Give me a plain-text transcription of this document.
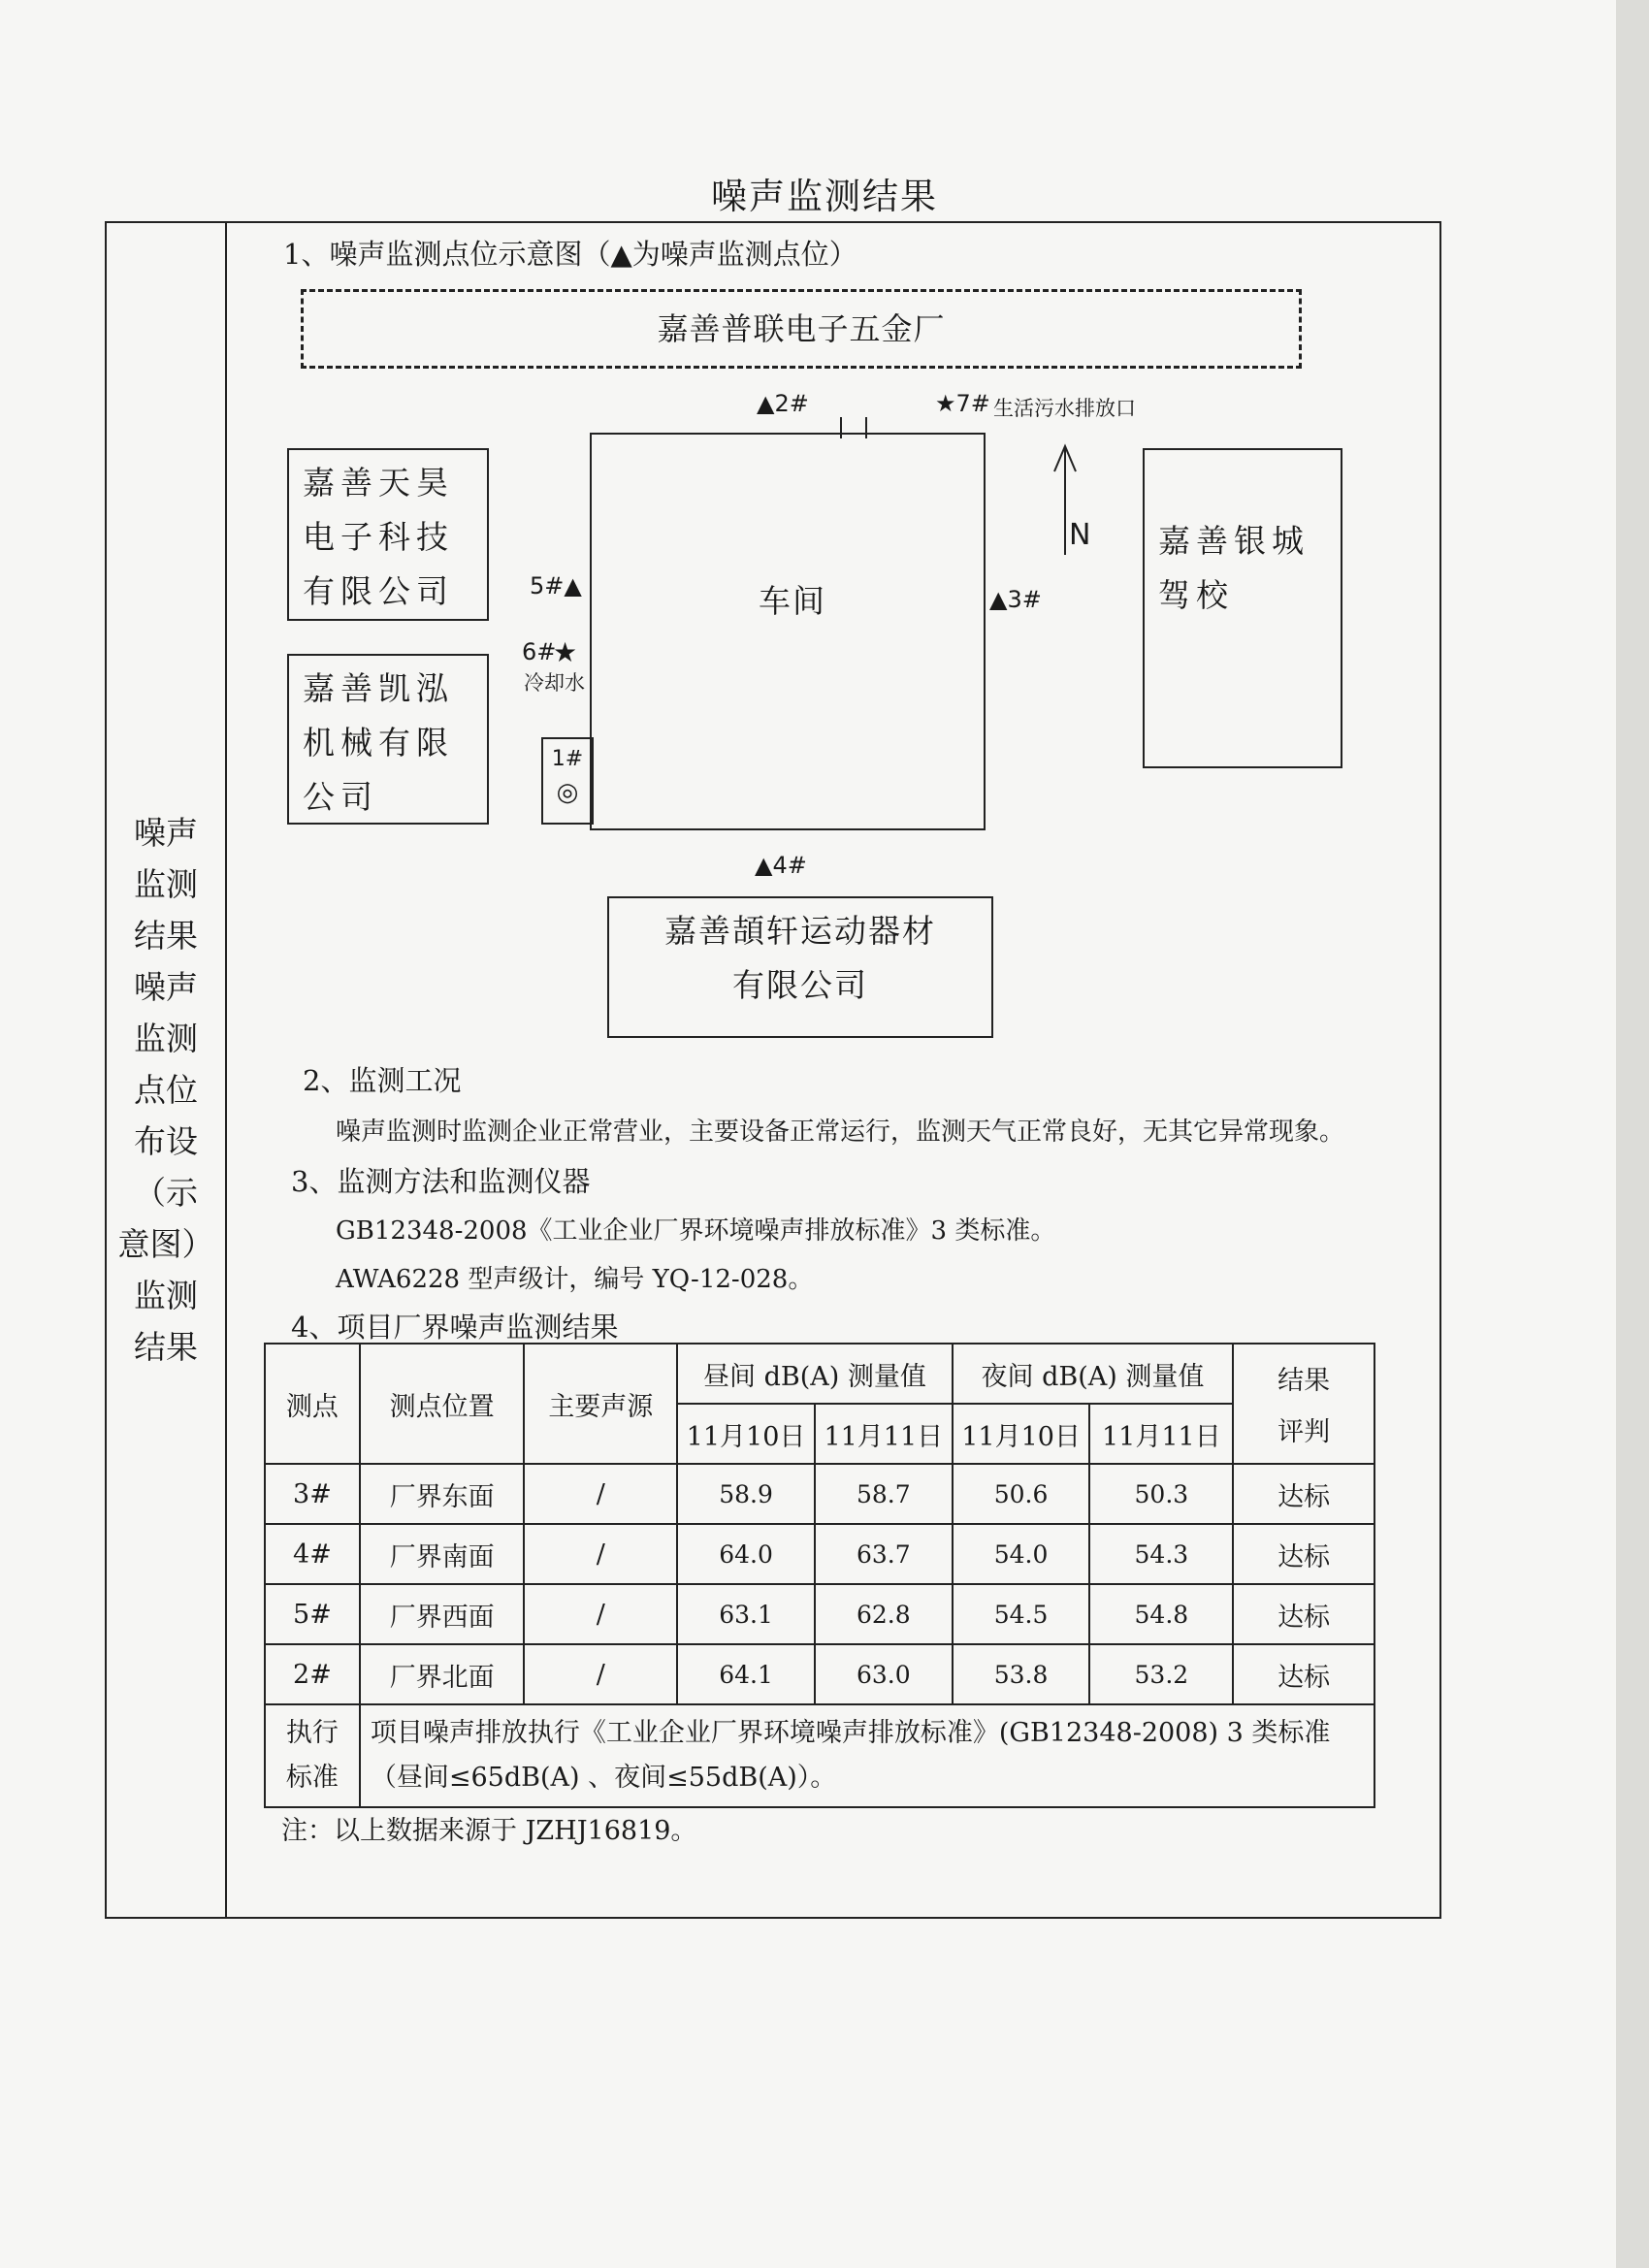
噪声监测结果
噪声
监测
结果
噪声
监测
点位
布设
（示
意图）
监测
结果
1、噪声监测点位示意图（▲为噪声监测点位）
嘉善普联电子五金厂
嘉善天昊
电子科技
有限公司
嘉善凯泓
机械有限
公司
车间
嘉善银城
驾校
嘉善頡轩运动器材
有限公司
1#
◎
N
▲2#	★7# 生活污水排放口
5#▲	▲3#
6#
★
冷却水
▲4#
2、监测工况
噪声监测时监测企业正常营业，主要设备正常运行，监测天气正常良好，无其它异常现象。
3、监测方法和监测仪器
GB12348-2008《工业企业厂界环境噪声排放标准》3 类标准。
AWA6228 型声级计，编号 YQ-12-028。
4、项目厂界噪声监测结果
测点	测点位置	主要声源	昼间 dB(A) 测量值		夜间 dB(A) 测量值		结果
评判

			11月10日	11月11日	11月10日	11月11日	
3#	厂界东面	/	58.9	58.7	50.6	50.3	达标
4#	厂界南面	/	64.0	63.7	54.0	54.3	达标
5#	厂界西面	/	63.1	62.8	54.5	54.8	达标
2#	厂界北面	/	64.1	63.0	53.8	53.2	达标

执行
标准	项目噪声排放执行《工业企业厂界环境噪声排放标准》(GB12348-2008) 3 类标准（昼间≤65dB(A) 、夜间≤55dB(A)）。						
注：以上数据来源于 JZHJ16819。
